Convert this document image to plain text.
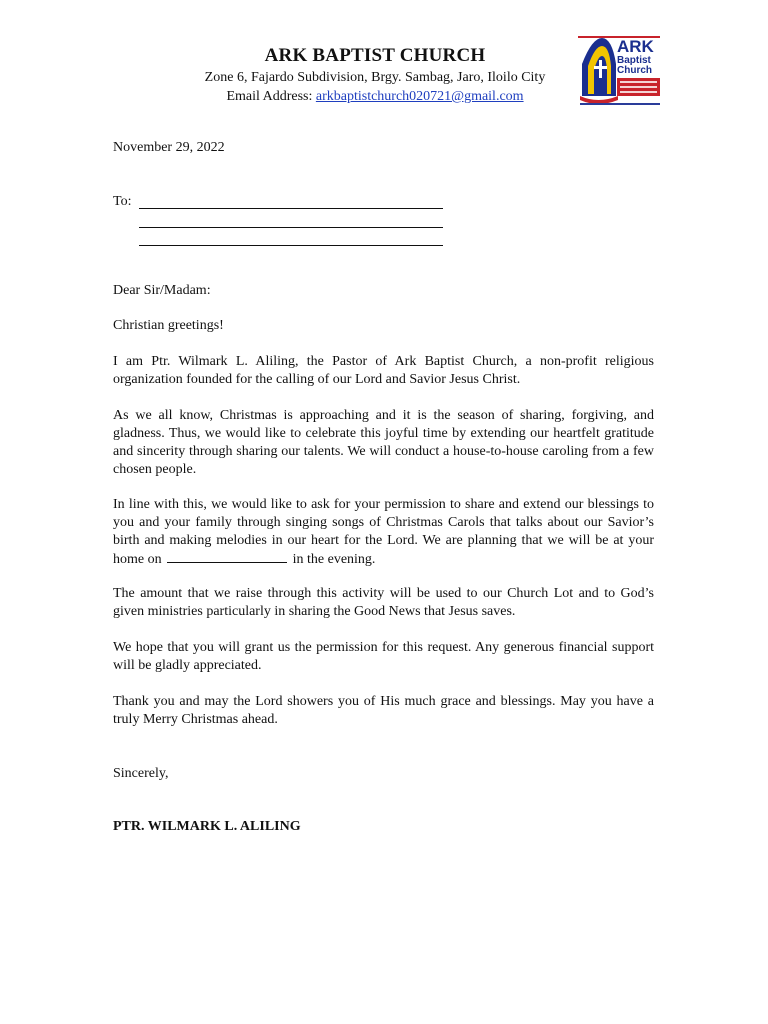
ARK BAPTIST CHURCH
Zone 6, Fajardo Subdivision, Brgy. Sambag, Jaro, Iloilo City
Email Address: arkbaptistchurch020721@gmail.com
ARK
Baptist
Church
November 29, 2022
To:
Dear Sir/Madam:
Christian greetings!
I am Ptr. Wilmark L. Aliling, the Pastor of Ark Baptist Church, a non-profit religious organization founded for the calling of our Lord and Savior Jesus Christ.
As we all know, Christmas is approaching and it is the season of sharing, forgiving, and gladness. Thus, we would like to celebrate this joyful time by extending our heartfelt gratitude and sincerity through sharing our talents. We will conduct a house-to-house caroling from a few chosen people.
In line with this, we would like to ask for your permission to share and extend our blessings to you and your family through singing songs of Christmas Carols that talks about our Savior’s birth and making melodies in our heart for the Lord. We are planning that we will be at your home on	in the evening.
The amount that we raise through this activity will be used to our Church Lot and to God’s given ministries particularly in sharing the Good News that Jesus saves.
We hope that you will grant us the permission for this request. Any generous financial support will be gladly appreciated.
Thank you and may the Lord showers you of His much grace and blessings. May you have a truly Merry Christmas ahead.
Sincerely,
PTR. WILMARK L. ALILING
